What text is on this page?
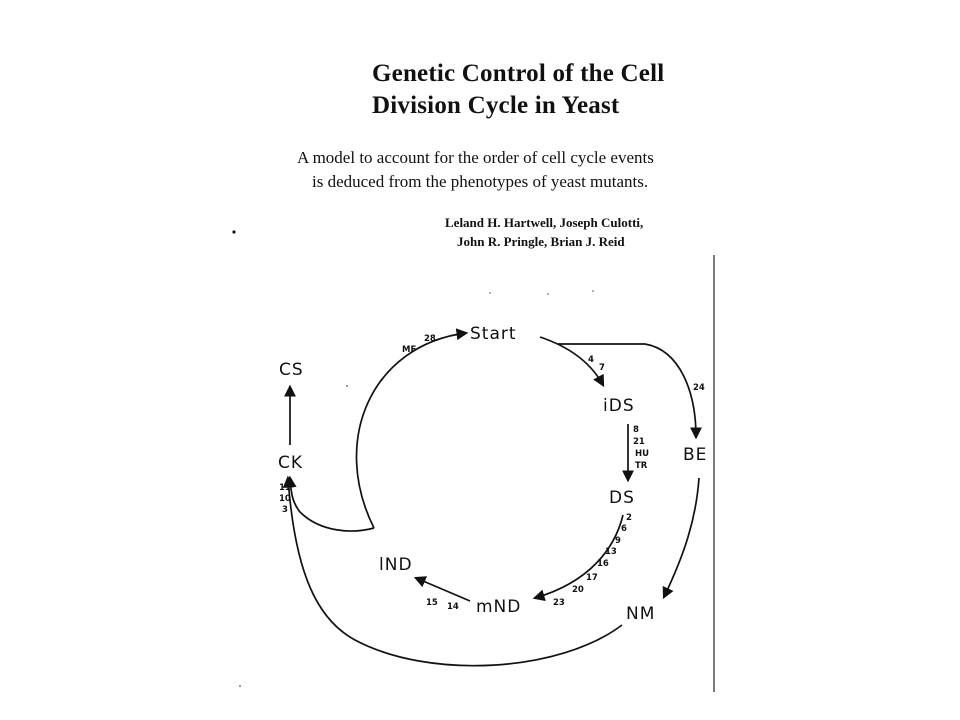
Genetic Control of the Cell
Division Cycle in Yeast
A model to account for the order of cell cycle events
is deduced from the phenotypes of yeast mutants.
Leland H. Hartwell, Joseph Culotti,
John R. Pringle, Brian J. Reid
Start
iDS
DS
mND
lND
CK
CS
BE
NM
4
7
8
21
HU
TR
2
6
9
13
16
17
20
23
15 14
MF
28
11
10
3
24
